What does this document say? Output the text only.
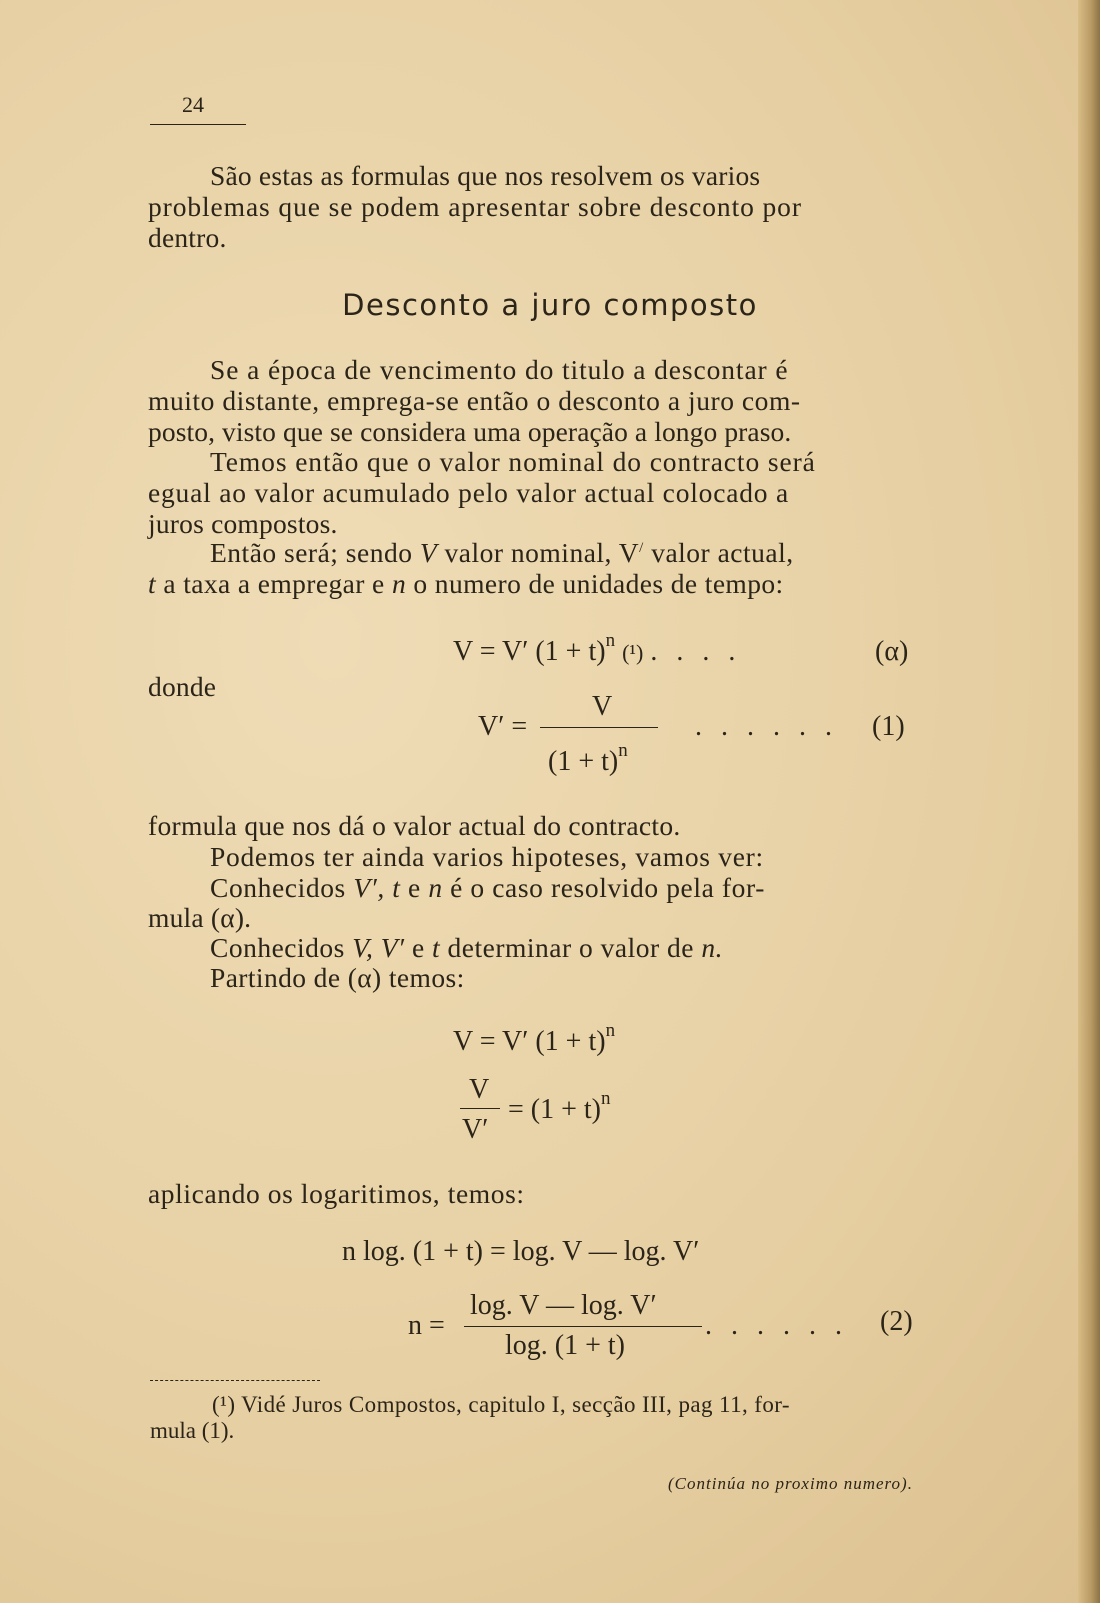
24
São estas as formulas que nos resolvem os varios
problemas que se podem apresentar sobre desconto por
dentro.
Desconto a juro composto
Se a época de vencimento do titulo a descontar é
muito distante, emprega-se então o desconto a juro com-
posto, visto que se considera uma operação a longo praso.
Temos então que o valor nominal do contracto será
egual ao valor acumulado pelo valor actual colocado a
juros compostos.
Então será; sendo V valor nominal, V/ valor actual,
t a taxa a empregar e n o numero de unidades de tempo:
V = V′ $(1 + t)^n$ (¹) . . . .	(α)
donde
V′ =
V
$(1 + t)^n$
. . . . . . (1)
formula que nos dá o valor actual do contracto.
Podemos ter ainda varios hipoteses, vamos ver:
Conhecidos V′, t e n é o caso resolvido pela for-
mula (α).
Conhecidos V, V′ e t determinar o valor de n.
Partindo de (α) temos:
V = V′ $(1 + t)^n$
V
V′
= $(1 + t)^n$
aplicando os logaritimos, temos:
n log. (1 + t) = log. V — log. V′
n =
log. V — log. V′
log. (1 + t)
. . . . . . (2)
(¹) Vidé Juros Compostos, capitulo I, secção III, pag 11, for-
mula (1).
(Continúa no proximo numero).
